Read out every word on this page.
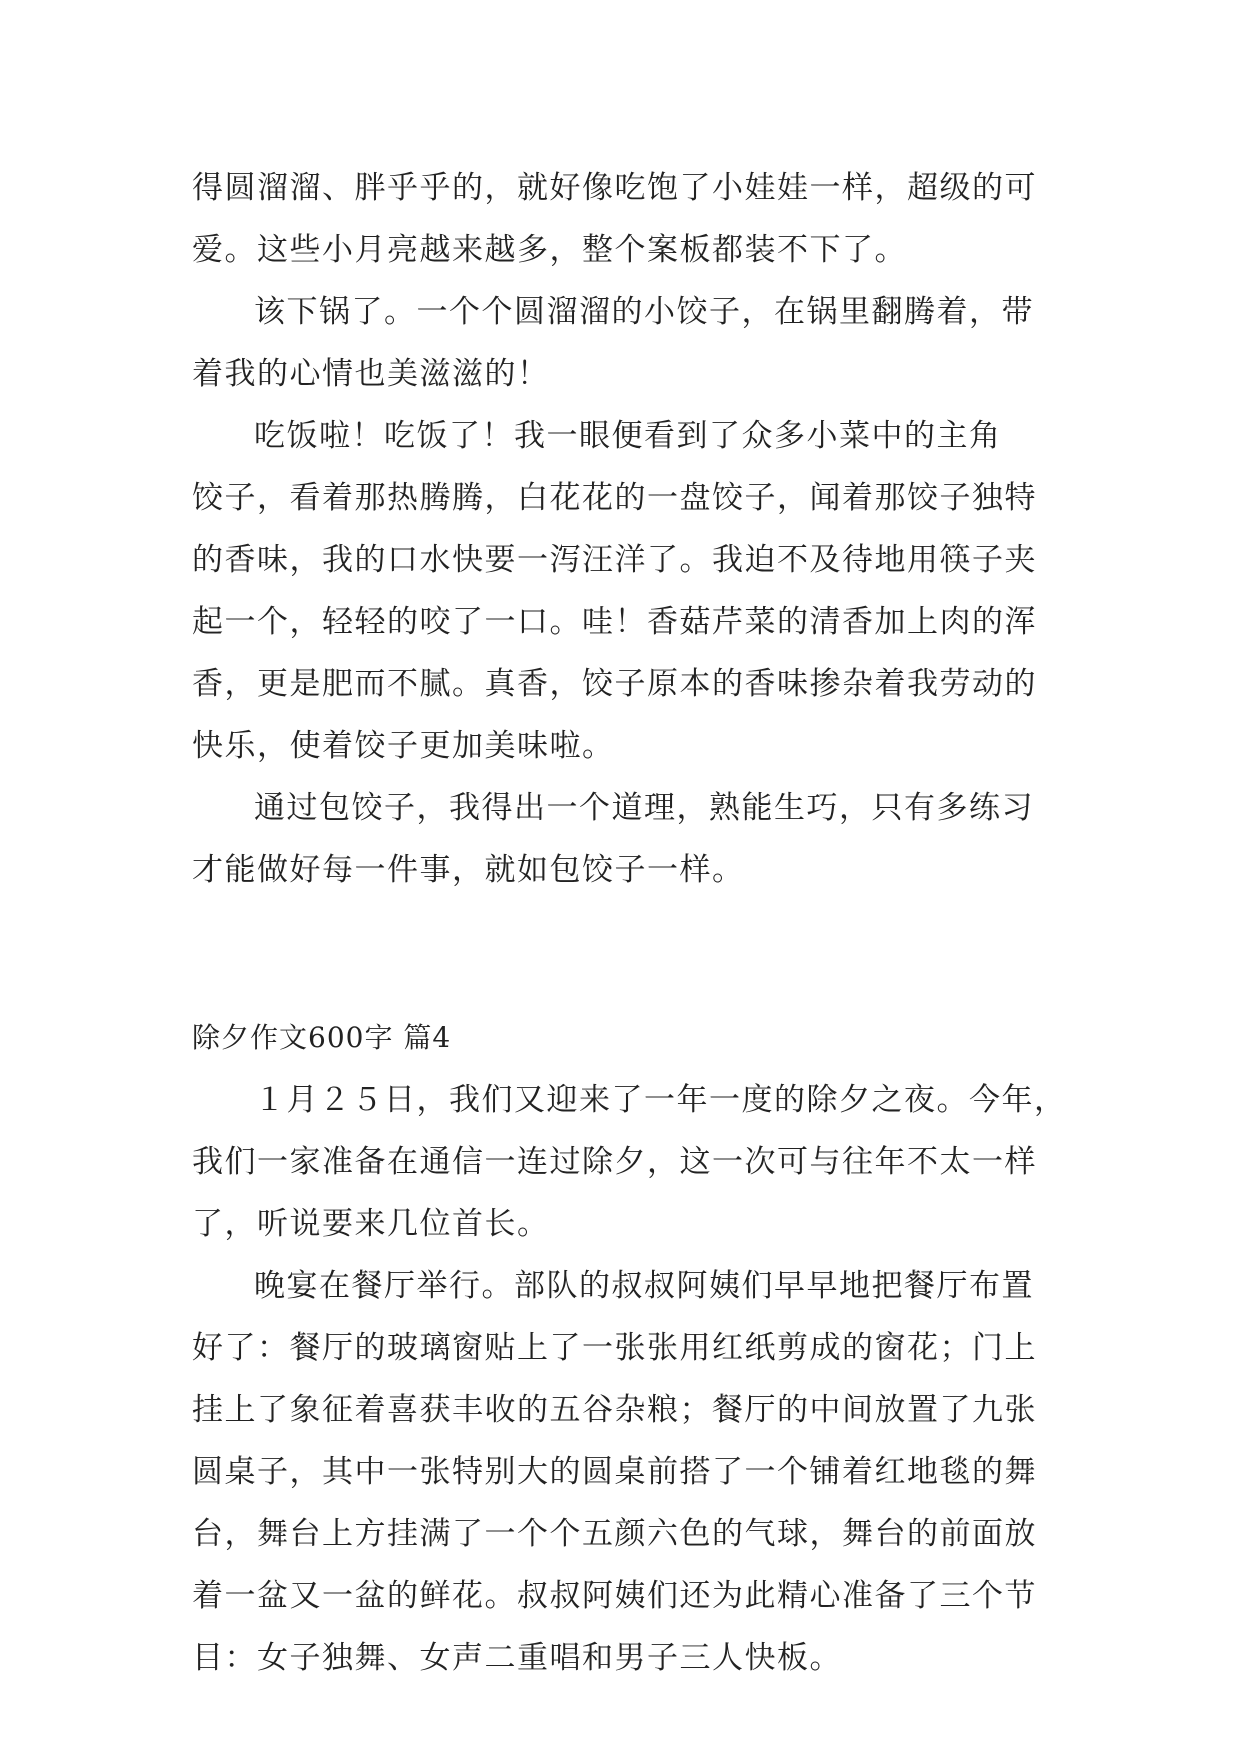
得圆溜溜、胖乎乎的，就好像吃饱了小娃娃一样，超级的可
爱。这些小月亮越来越多，整个案板都装不下了。
该下锅了。一个个圆溜溜的小饺子，在锅里翻腾着，带
着我的心情也美滋滋的！
吃饭啦！吃饭了！我一眼便看到了众多小菜中的主角
饺子，看着那热腾腾，白花花的一盘饺子，闻着那饺子独特
的香味，我的口水快要一泻汪洋了。我迫不及待地用筷子夹
起一个，轻轻的咬了一口。哇！香菇芹菜的清香加上肉的浑
香，更是肥而不腻。真香，饺子原本的香味掺杂着我劳动的
快乐，使着饺子更加美味啦。
通过包饺子，我得出一个道理，熟能生巧，只有多练习
才能做好每一件事，就如包饺子一样。
除夕作文600字 篇4
１月２５日，我们又迎来了一年一度的除夕之夜。今年，
我们一家准备在通信一连过除夕，这一次可与往年不太一样
了，听说要来几位首长。
晚宴在餐厅举行。部队的叔叔阿姨们早早地把餐厅布置
好了：餐厅的玻璃窗贴上了一张张用红纸剪成的窗花；门上
挂上了象征着喜获丰收的五谷杂粮；餐厅的中间放置了九张
圆桌子，其中一张特别大的圆桌前搭了一个铺着红地毯的舞
台，舞台上方挂满了一个个五颜六色的气球，舞台的前面放
着一盆又一盆的鲜花。叔叔阿姨们还为此精心准备了三个节
目：女子独舞、女声二重唱和男子三人快板。
